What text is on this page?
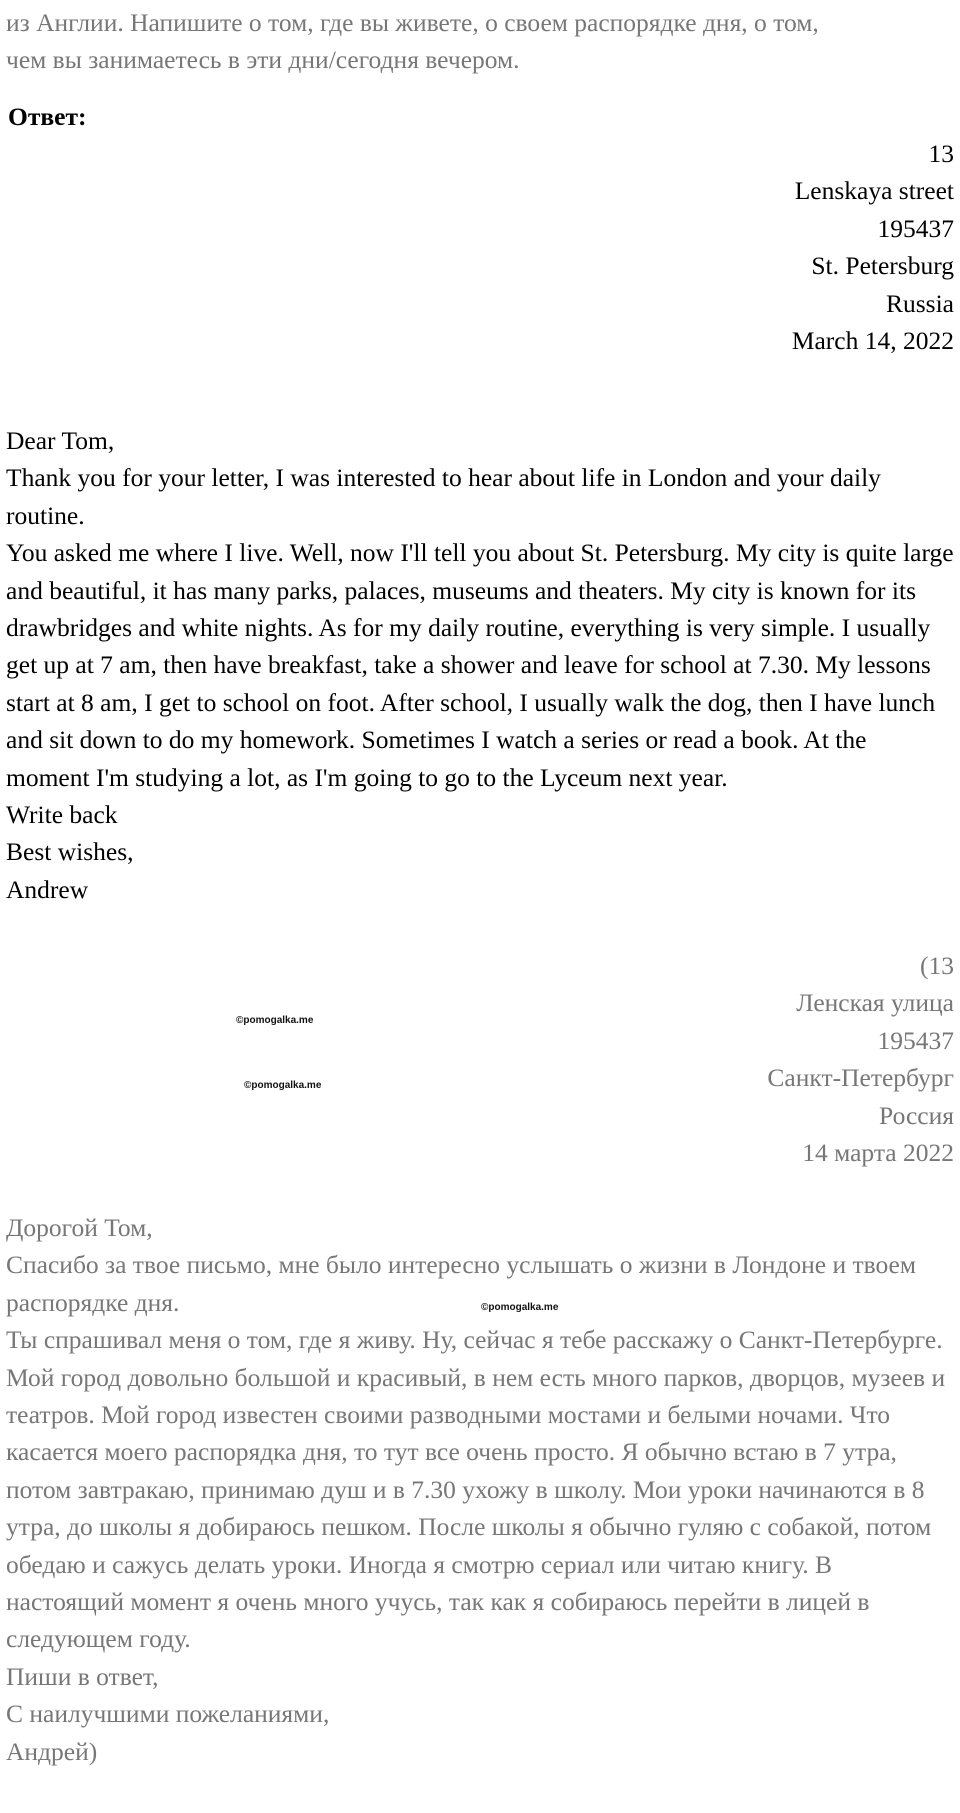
из Англии. Напишите о том, где вы живете, о своем распорядке дня, о том,
чем вы занимаетесь в эти дни/сегодня вечером.

Ответ:

13
Lenskaya street
195437
St. Petersburg
Russia
March 14, 2022

Dear Tom,

Thank you for your letter, I was interested to hear about life in London and your daily routine.

You asked me where I live. Well, now I'll tell you about St. Petersburg. My city is quite large and beautiful, it has many parks, palaces, museums and theaters. My city is known for its drawbridges and white nights. As for my daily routine, everything is very simple. I usually get up at 7 am, then have breakfast, take a shower and leave for school at 7.30. My lessons start at 8 am, I get to school on foot. After school, I usually walk the dog, then I have lunch and sit down to do my homework. Sometimes I watch a series or read a book. At the moment I'm studying a lot, as I'm going to go to the Lyceum next year.

Write back

Best wishes,

Andrew

(13
Ленская улица
195437
Санкт-Петербург
Россия
14 марта 2022

Дорогой Том,

Спасибо за твое письмо, мне было интересно услышать о жизни в Лондоне и твоем распорядке дня.

Ты спрашивал меня о том, где я живу. Ну, сейчас я тебе расскажу о Санкт-Петербурге. Мой город довольно большой и красивый, в нем есть много парков, дворцов, музеев и театров. Мой город известен своими разводными мостами и белыми ночами. Что касается моего распорядка дня, то тут все очень просто. Я обычно встаю в 7 утра, потом завтракаю, принимаю душ и в 7.30 ухожу в школу. Мои уроки начинаются в 8 утра, до школы я добираюсь пешком. После школы я обычно гуляю с собакой, потом обедаю и сажусь делать уроки. Иногда я смотрю сериал или читаю книгу. В настоящий момент я очень много учусь, так как я собираюсь перейти в лицей в следующем году.

Пиши в ответ,

С наилучшими пожеланиями,

Андрей)

©pomogalka.me
©pomogalka.me
©pomogalka.me
